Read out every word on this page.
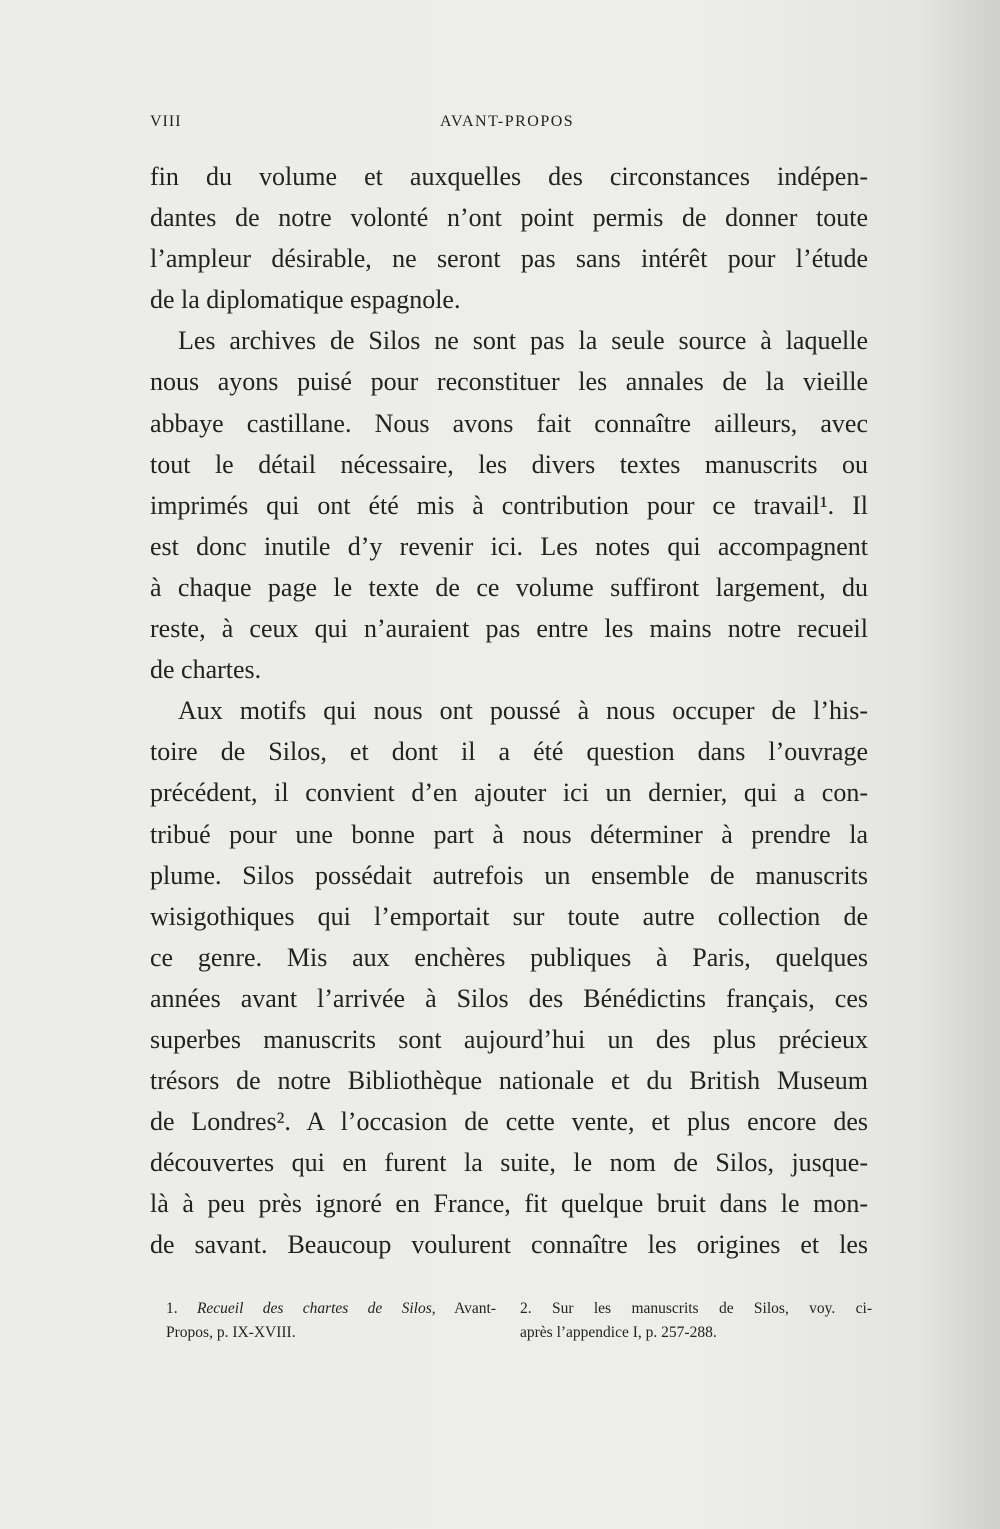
VIII	AVANT-PROPOS
fin du volume et auxquelles des circonstances indépen-
dantes de notre volonté n’ont point permis de donner toute
l’ampleur désirable, ne seront pas sans intérêt pour l’étude
de la diplomatique espagnole.
Les archives de Silos ne sont pas la seule source à laquelle
nous ayons puisé pour reconstituer les annales de la vieille
abbaye castillane. Nous avons fait connaître ailleurs, avec
tout le détail nécessaire, les divers textes manuscrits ou
imprimés qui ont été mis à contribution pour ce travail¹. Il
est donc inutile d’y revenir ici. Les notes qui accompagnent
à chaque page le texte de ce volume suffiront largement, du
reste, à ceux qui n’auraient pas entre les mains notre recueil
de chartes.
Aux motifs qui nous ont poussé à nous occuper de l’his-
toire de Silos, et dont il a été question dans l’ouvrage
précédent, il convient d’en ajouter ici un dernier, qui a con-
tribué pour une bonne part à nous déterminer à prendre la
plume. Silos possédait autrefois un ensemble de manuscrits
wisigothiques qui l’emportait sur toute autre collection de
ce genre. Mis aux enchères publiques à Paris, quelques
années avant l’arrivée à Silos des Bénédictins français, ces
superbes manuscrits sont aujourd’hui un des plus précieux
trésors de notre Bibliothèque nationale et du British Museum
de Londres². A l’occasion de cette vente, et plus encore des
découvertes qui en furent la suite, le nom de Silos, jusque-
là à peu près ignoré en France, fit quelque bruit dans le mon-
de savant. Beaucoup voulurent connaître les origines et les
1. Recueil des chartes de Silos, Avant-
Propos, p. IX-XVIII.
2. Sur les manuscrits de Silos, voy. ci-
après l’appendice I, p. 257-288.
